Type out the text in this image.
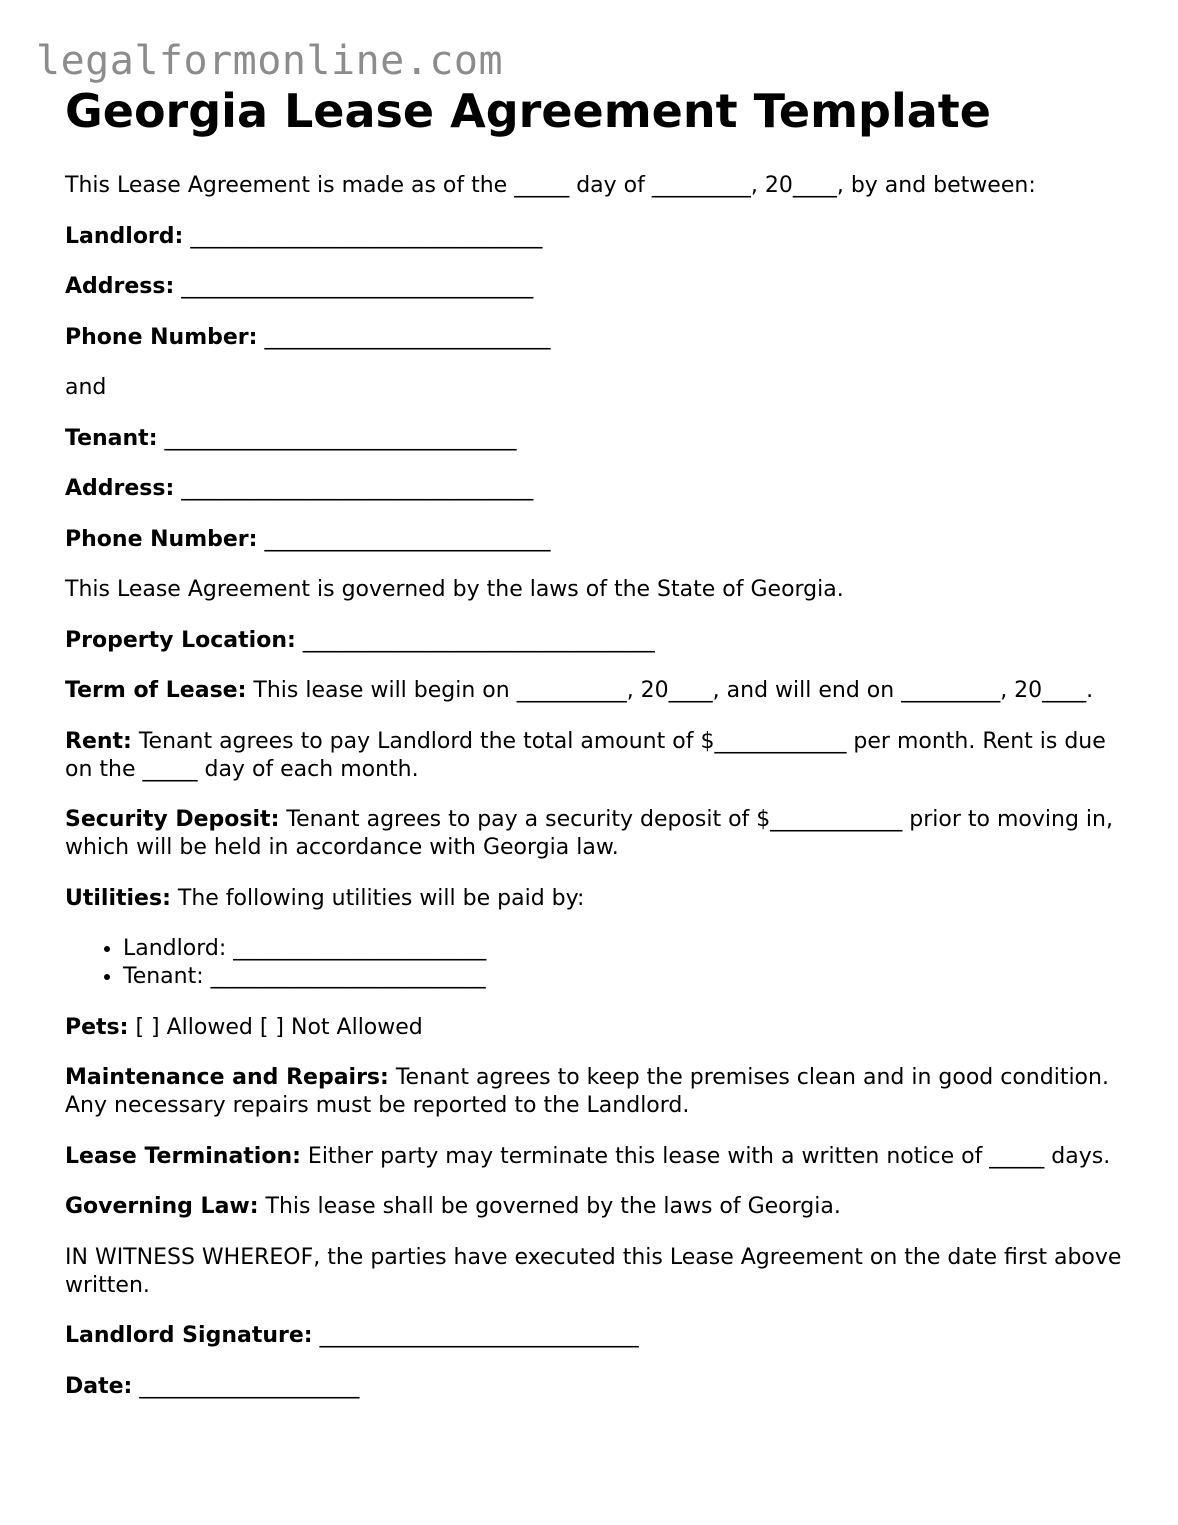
legalformonline.com
Georgia Lease Agreement Template

This Lease Agreement is made as of the _____ day of _________, 20____, by and between:

Landlord: ________________________________

Address: ________________________________

Phone Number: __________________________

and

Tenant: ________________________________

Address: ________________________________

Phone Number: __________________________

This Lease Agreement is governed by the laws of the State of Georgia.

Property Location: ________________________________

Term of Lease: This lease will begin on __________, 20____, and will end on _________, 20____.

Rent: Tenant agrees to pay Landlord the total amount of $____________ per month. Rent is due on the _____ day of each month.

Security Deposit: Tenant agrees to pay a security deposit of $____________ prior to moving in, which will be held in accordance with Georgia law.

Utilities: The following utilities will be paid by:

• Landlord: _______________________
• Tenant: _________________________

Pets: [ ] Allowed [ ] Not Allowed

Maintenance and Repairs: Tenant agrees to keep the premises clean and in good condition. Any necessary repairs must be reported to the Landlord.

Lease Termination: Either party may terminate this lease with a written notice of _____ days.

Governing Law: This lease shall be governed by the laws of Georgia.

IN WITNESS WHEREOF, the parties have executed this Lease Agreement on the date first above written.

Landlord Signature: _____________________________

Date: ____________________
